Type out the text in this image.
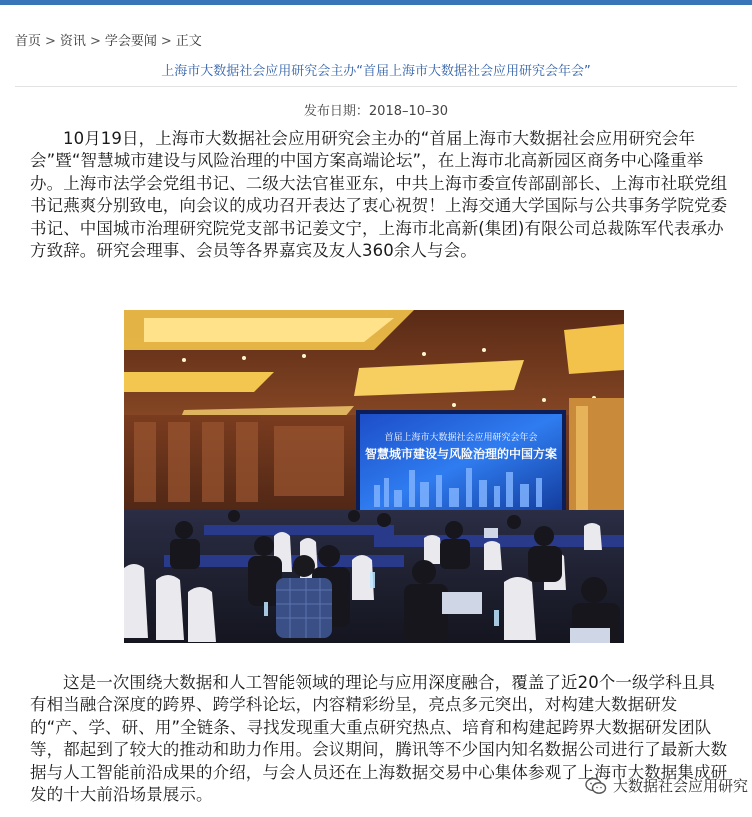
首页 > 资讯 > 学会要闻 > 正文
上海市大数据社会应用研究会主办“首届上海市大数据社会应用研究会年会”
发布日期：2018–10–30

10月19日，上海市大数据社会应用研究会主办的“首届上海市大数据社会应用研究会年会”暨“智慧城市建设与风险治理的中国方案高端论坛”，在上海市北高新园区商务中心隆重举办。上海市法学会党组书记、二级大法官崔亚东，中共上海市委宣传部副部长、上海市社联党组书记燕爽分别致电，向会议的成功召开表达了衷心祝贺！上海交通大学国际与公共事务学院党委书记、中国城市治理研究院党支部书记姜文宁，上海市北高新(集团)有限公司总裁陈军代表承办方致辞。研究会理事、会员等各界嘉宾及友人360余人与会。

首届上海市大数据社会应用研究会年会
智慧城市建设与风险治理的中国方案

这是一次围绕大数据和人工智能领域的理论与应用深度融合，覆盖了近20个一级学科且具有相当融合深度的跨界、跨学科论坛，内容精彩纷呈，亮点多元突出，对构建大数据研发的“产、学、研、用”全链条、寻找发现重大重点研究热点、培育和构建起跨界大数据研发团队等，都起到了较大的推动和助力作用。会议期间，腾讯等不少国内知名数据公司进行了最新大数据与人工智能前沿成果的介绍，与会人员还在上海数据交易中心集体参观了上海市大数据集成研发的十大前沿场景展示。	大数据社会应用研究
